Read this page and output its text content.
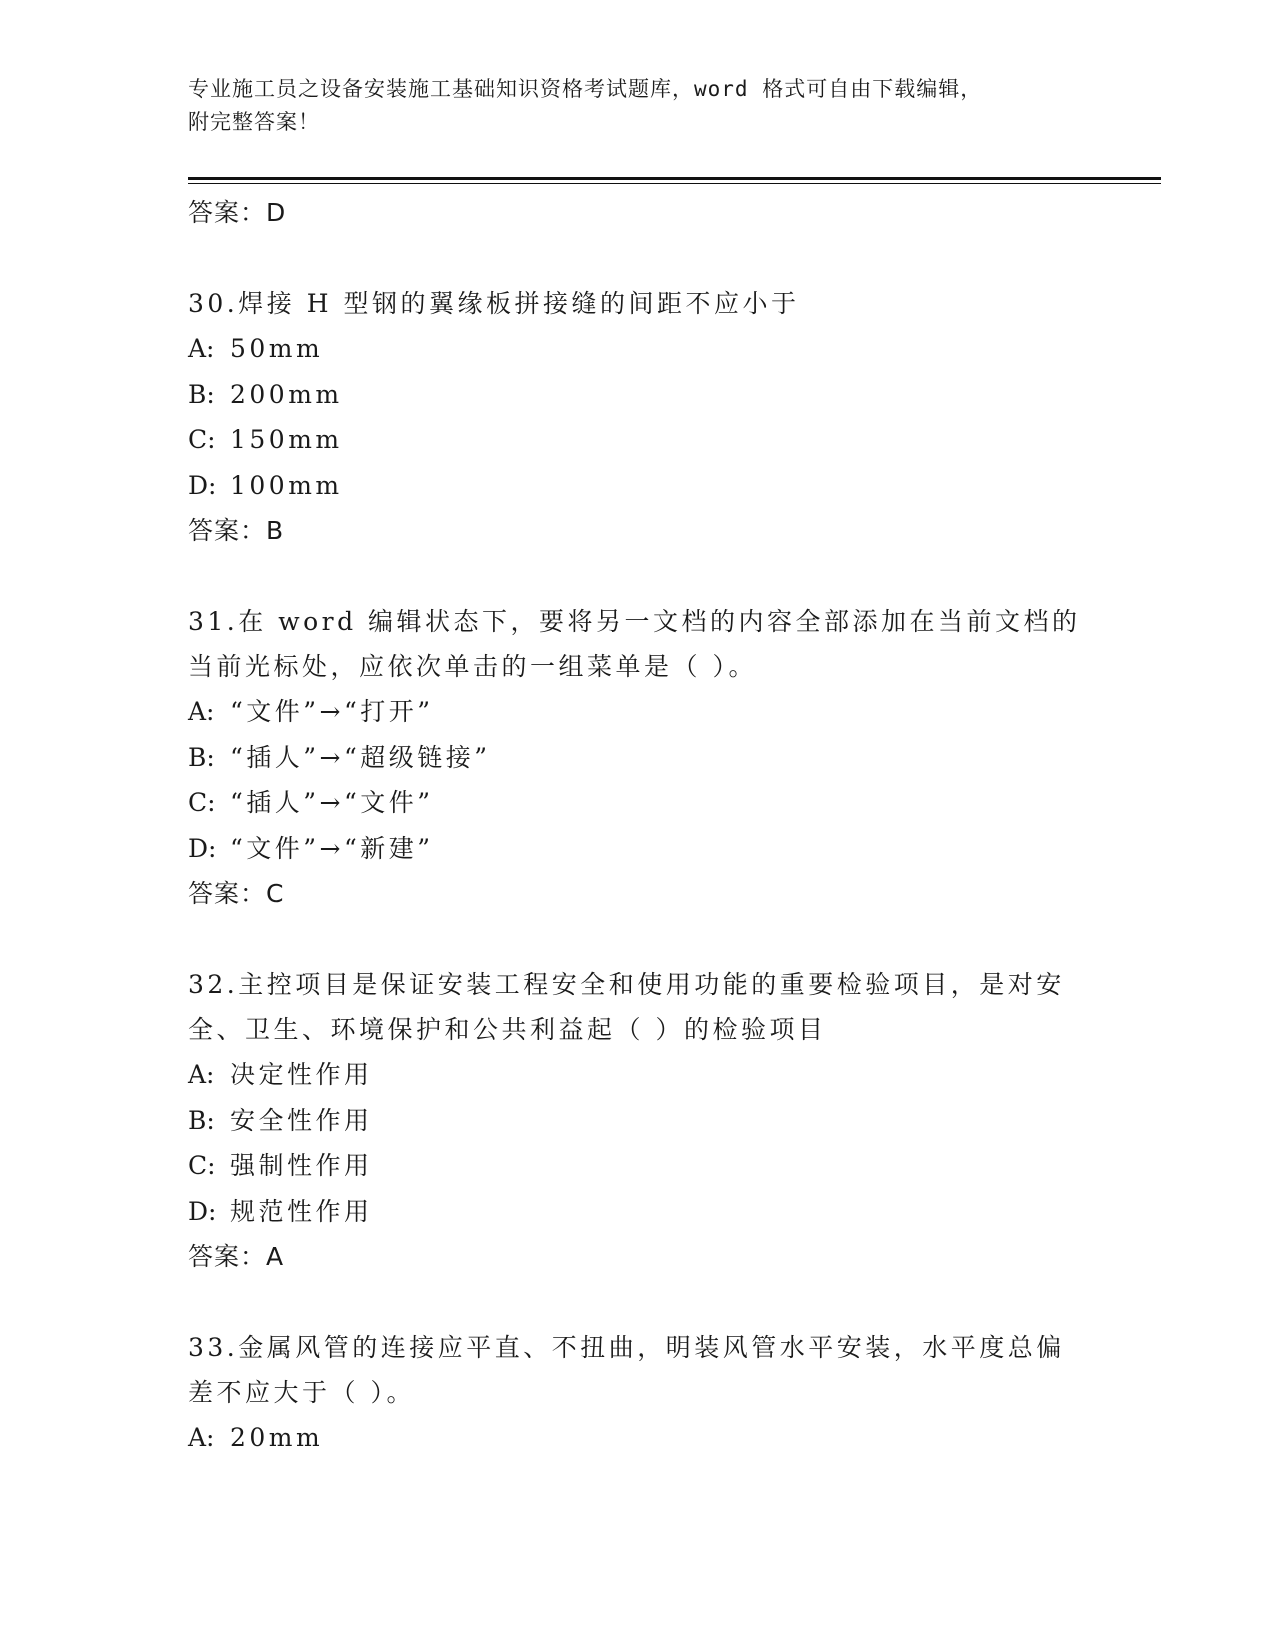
专业施工员之设备安装施工基础知识资格考试题库，word 格式可自由下载编辑，
附完整答案！
答案：D
30.焊接 H 型钢的翼缘板拼接缝的间距不应小于
A: 50mm
B: 200mm
C: 150mm
D: 100mm
答案：B
31.在 word 编辑状态下，要将另一文档的内容全部添加在当前文档的当前光标处，应依次单击的一组菜单是（ ）。
A: “文件”→“打开”
B: “插人”→“超级链接”
C: “插人”→“文件”
D: “文件”→“新建”
答案：C
32.主控项目是保证安装工程安全和使用功能的重要检验项目，是对安全、卫生、环境保护和公共利益起（ ）的检验项目
A: 决定性作用
B: 安全性作用
C: 强制性作用
D: 规范性作用
答案：A
33.金属风管的连接应平直、不扭曲，明装风管水平安装，水平度总偏差不应大于（ ）。
A: 20mm
